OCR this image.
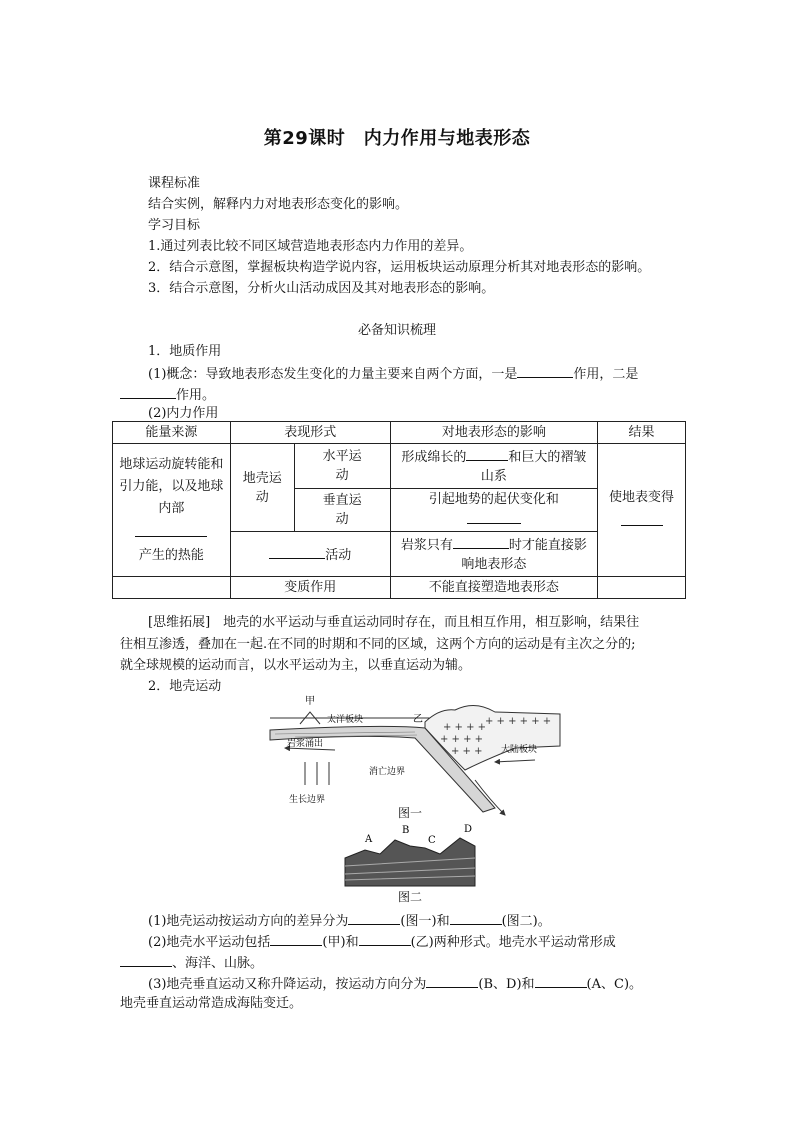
第29课时　内力作用与地表形态
课程标准
结合实例，解释内力对地表形态变化的影响。
学习目标
1.通过列表比较不同区域营造地表形态内力作用的差异。
2．结合示意图，掌握板块构造学说内容，运用板块运动原理分析其对地表形态的影响。
3．结合示意图，分析火山活动成因及其对地表形态的影响。
必备知识梳理
1．地质作用
(1)概念：导致地表形态发生变化的力量主要来自两个方面，一是	作用，二是
作用。
(2)内力作用
能量来源	表现形式		对地表形态的影响	结果

地球运动旋转能和引力能，以及地球内部
产生的热能	地壳运动	水平运动	形成绵长的 和巨大的褶皱山系	使地表变得

		垂直运动	引起地势的起伏变化和	

	活动		岩浆只有 时才能直接影响地表形态	
	变质作用		不能直接塑造地表形态	
[思维拓展]　地壳的水平运动与垂直运动同时存在，而且相互作用，相互影响，结果往
往相互渗透，叠加在一起.在不同的时期和不同的区域，这两个方向的运动是有主次之分的;
就全球规模的运动而言，以水平运动为主，以垂直运动为辅。
2．地壳运动
+ + + +
+ + + +
+ + +
+ + + + + +
甲
太洋板块	乙
岩浆涌出
大陆板块
消亡边界
生长边界
图一
A
B
C
D
图二
(1)地壳运动按运动方向的差异分为	(图一)和	(图二)。
(2)地壳水平运动包括	(甲)和	(乙)两种形式。地壳水平运动常形成
、海洋、山脉。
(3)地壳垂直运动又称升降运动，按运动方向分为	(B、D)和	(A、C)。
地壳垂直运动常造成海陆变迁。
